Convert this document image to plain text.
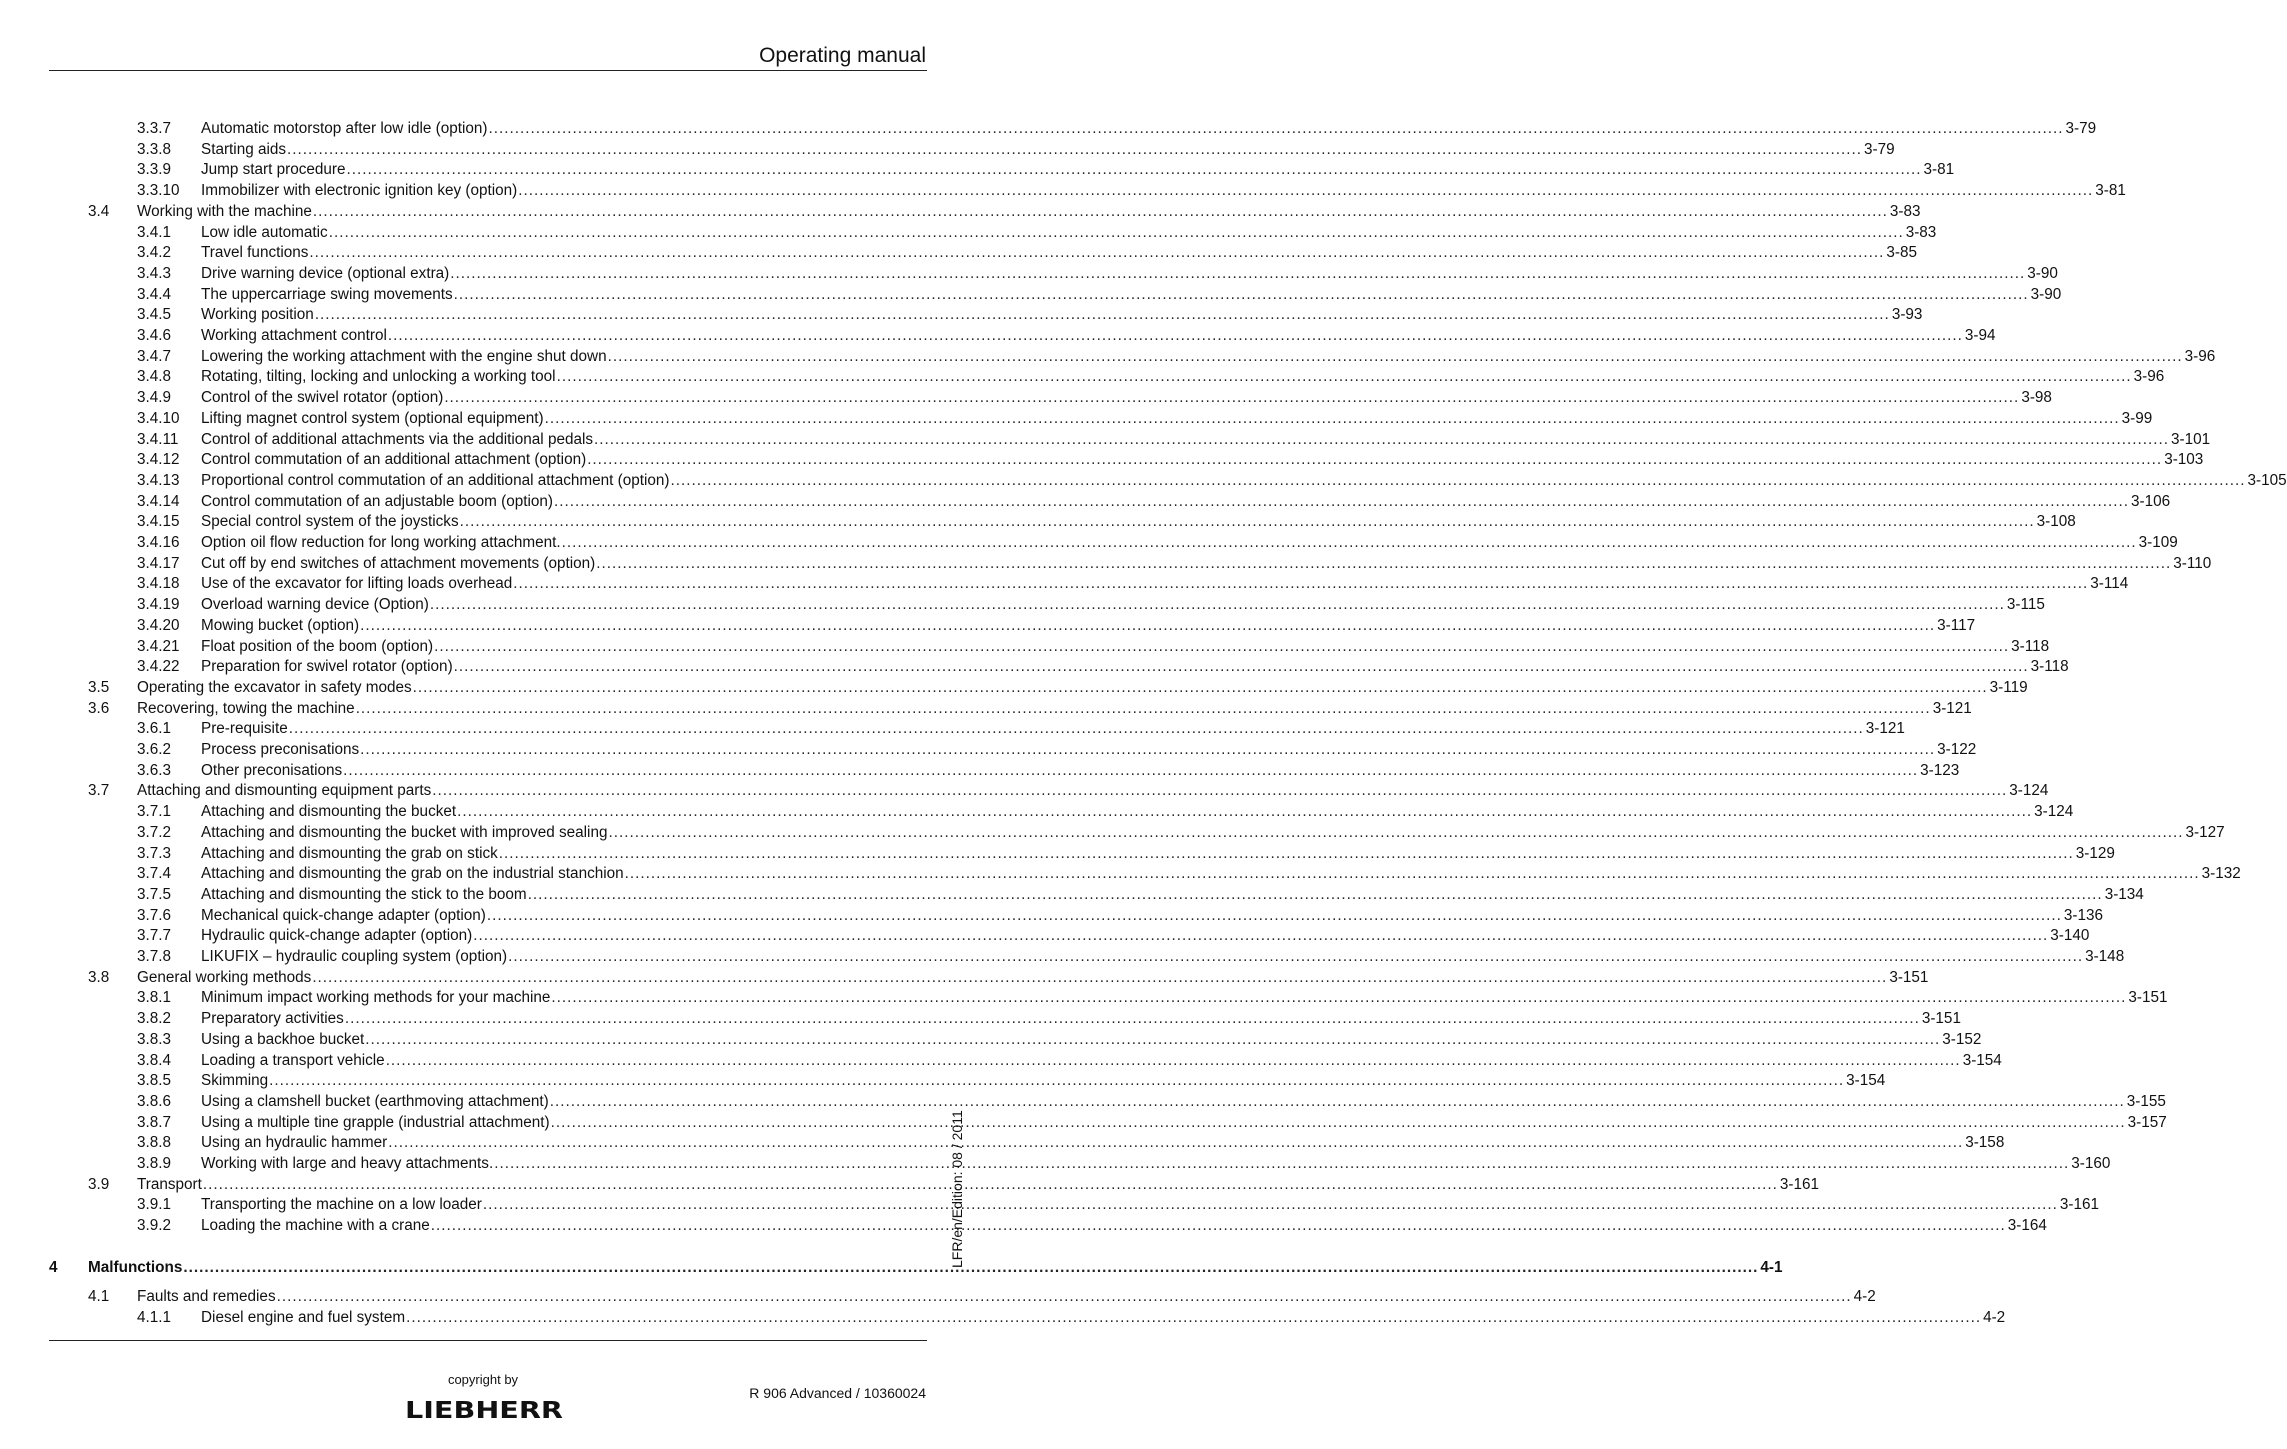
Operating manual
3.3.7 Automatic motorstop after low idle (option) ............................................................................................................................................................................................................................................................................................................ 3-79
3.3.8 Starting aids ............................................................................................................................................................................................................................................................................................................ 3-79
3.3.9 Jump start procedure ............................................................................................................................................................................................................................................................................................................ 3-81
3.3.10 Immobilizer with electronic ignition key (option) ............................................................................................................................................................................................................................................................................................................ 3-81
3.4 Working with the machine ............................................................................................................................................................................................................................................................................................................ 3-83
3.4.1 Low idle automatic ............................................................................................................................................................................................................................................................................................................ 3-83
3.4.2 Travel functions ............................................................................................................................................................................................................................................................................................................ 3-85
3.4.3 Drive warning device (optional extra) ............................................................................................................................................................................................................................................................................................................ 3-90
3.4.4 The uppercarriage swing movements ............................................................................................................................................................................................................................................................................................................ 3-90
3.4.5 Working position ............................................................................................................................................................................................................................................................................................................ 3-93
3.4.6 Working attachment control ............................................................................................................................................................................................................................................................................................................ 3-94
3.4.7 Lowering the working attachment with the engine shut down ............................................................................................................................................................................................................................................................................................................ 3-96
3.4.8 Rotating, tilting, locking and unlocking a working tool ............................................................................................................................................................................................................................................................................................................ 3-96
3.4.9 Control of the swivel rotator (option) ............................................................................................................................................................................................................................................................................................................ 3-98
3.4.10 Lifting magnet control system (optional equipment) ............................................................................................................................................................................................................................................................................................................ 3-99
3.4.11 Control of additional attachments via the additional pedals ............................................................................................................................................................................................................................................................................................................ 3-101
3.4.12 Control commutation of an additional attachment (option) ............................................................................................................................................................................................................................................................................................................ 3-103
3.4.13 Proportional control commutation of an additional attachment (option) ............................................................................................................................................................................................................................................................................................................ 3-105
3.4.14 Control commutation of an adjustable boom (option) ............................................................................................................................................................................................................................................................................................................ 3-106
3.4.15 Special control system of the joysticks ............................................................................................................................................................................................................................................................................................................ 3-108
3.4.16 Option oil flow reduction for long working attachment. ............................................................................................................................................................................................................................................................................................................ 3-109
3.4.17 Cut off by end switches of attachment movements (option) ............................................................................................................................................................................................................................................................................................................ 3-110
3.4.18 Use of the excavator for lifting loads overhead ............................................................................................................................................................................................................................................................................................................ 3-114
3.4.19 Overload warning device (Option) ............................................................................................................................................................................................................................................................................................................ 3-115
3.4.20 Mowing bucket (option) ............................................................................................................................................................................................................................................................................................................ 3-117
3.4.21 Float position of the boom (option) ............................................................................................................................................................................................................................................................................................................ 3-118
3.4.22 Preparation for swivel rotator (option) ............................................................................................................................................................................................................................................................................................................ 3-118
3.5 Operating the excavator in safety modes ............................................................................................................................................................................................................................................................................................................ 3-119
3.6 Recovering, towing the machine ............................................................................................................................................................................................................................................................................................................ 3-121
3.6.1 Pre-requisite ............................................................................................................................................................................................................................................................................................................ 3-121
3.6.2 Process preconisations ............................................................................................................................................................................................................................................................................................................ 3-122
3.6.3 Other preconisations ............................................................................................................................................................................................................................................................................................................ 3-123
3.7 Attaching and dismounting equipment parts ............................................................................................................................................................................................................................................................................................................ 3-124
3.7.1 Attaching and dismounting the bucket ............................................................................................................................................................................................................................................................................................................ 3-124
3.7.2 Attaching and dismounting the bucket with improved sealing ............................................................................................................................................................................................................................................................................................................ 3-127
3.7.3 Attaching and dismounting the grab on stick ............................................................................................................................................................................................................................................................................................................ 3-129
3.7.4 Attaching and dismounting the grab on the industrial stanchion ............................................................................................................................................................................................................................................................................................................ 3-132
3.7.5 Attaching and dismounting the stick to the boom ............................................................................................................................................................................................................................................................................................................ 3-134
3.7.6 Mechanical quick-change adapter (option) ............................................................................................................................................................................................................................................................................................................ 3-136
3.7.7 Hydraulic quick-change adapter (option) ............................................................................................................................................................................................................................................................................................................ 3-140
3.7.8 LIKUFIX – hydraulic coupling system (option) ............................................................................................................................................................................................................................................................................................................ 3-148
3.8 General working methods ............................................................................................................................................................................................................................................................................................................ 3-151
3.8.1 Minimum impact working methods for your machine ............................................................................................................................................................................................................................................................................................................ 3-151
3.8.2 Preparatory activities ............................................................................................................................................................................................................................................................................................................ 3-151
3.8.3 Using a backhoe bucket ............................................................................................................................................................................................................................................................................................................ 3-152
3.8.4 Loading a transport vehicle ............................................................................................................................................................................................................................................................................................................ 3-154
3.8.5 Skimming ............................................................................................................................................................................................................................................................................................................ 3-154
3.8.6 Using a clamshell bucket (earthmoving attachment) ............................................................................................................................................................................................................................................................................................................ 3-155
3.8.7 Using a multiple tine grapple (industrial attachment) ............................................................................................................................................................................................................................................................................................................ 3-157
3.8.8 Using an hydraulic hammer ............................................................................................................................................................................................................................................................................................................ 3-158
3.8.9 Working with large and heavy attachments. ............................................................................................................................................................................................................................................................................................................ 3-160
3.9 Transport ............................................................................................................................................................................................................................................................................................................ 3-161
3.9.1 Transporting the machine on a low loader ............................................................................................................................................................................................................................................................................................................ 3-161
3.9.2 Loading the machine with a crane ............................................................................................................................................................................................................................................................................................................ 3-164
4 Malfunctions ............................................................................................................................................................................................................................................................................................................ 4-1
4.1 Faults and remedies ............................................................................................................................................................................................................................................................................................................ 4-2
4.1.1 Diesel engine and fuel system ............................................................................................................................................................................................................................................................................................................ 4-2
LFR/en/Edition: 08 / 2011
copyright by
LIEBHERR
R 906 Advanced / 10360024
